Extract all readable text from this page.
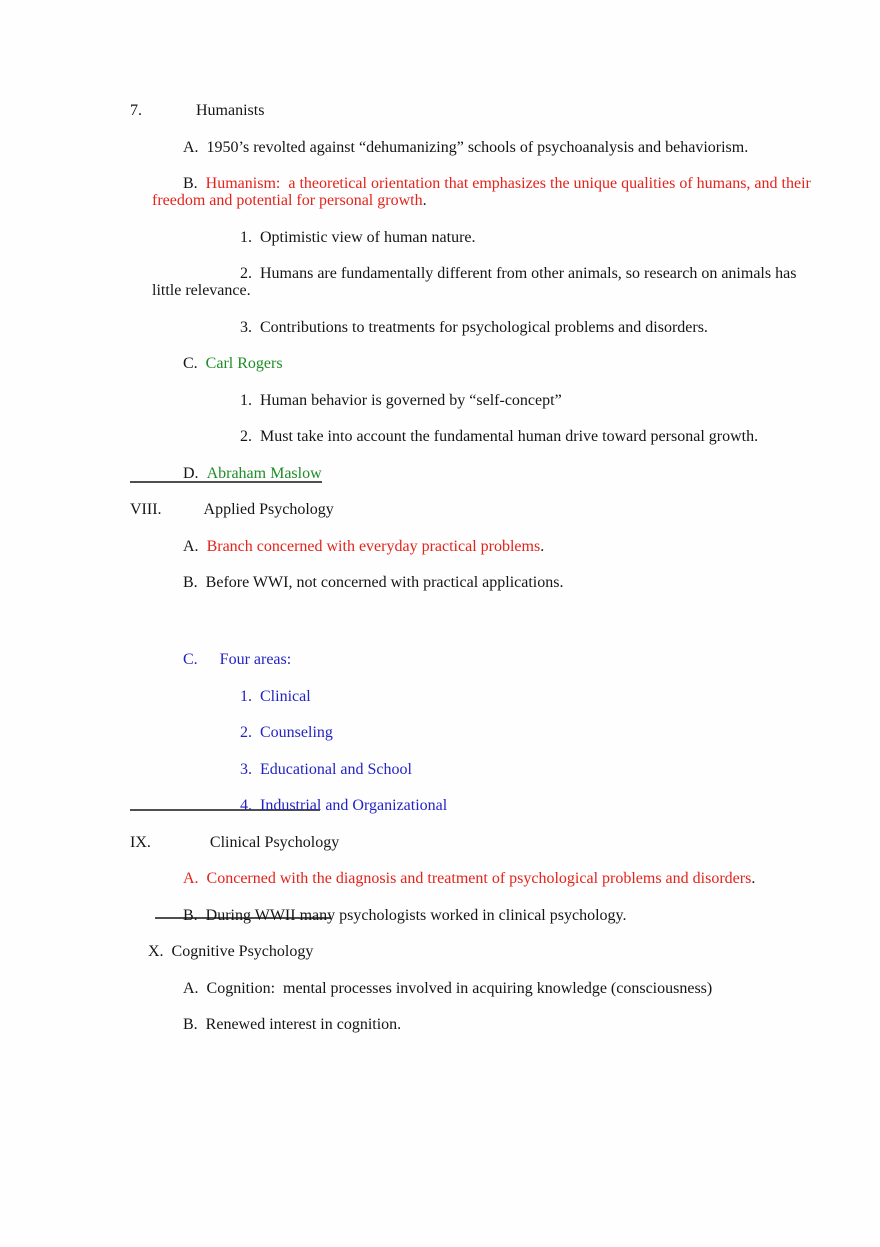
7.	Humanists

A.  1950’s revolted against “dehumanizing” schools of psychoanalysis and behaviorism.

B.  Humanism:  a theoretical orientation that emphasizes the unique qualities of humans, and their

freedom and potential for personal growth.

1.  Optimistic view of human nature.

2.  Humans are fundamentally different from other animals, so research on animals has

little relevance.

3.  Contributions to treatments for psychological problems and disorders.

C.  Carl Rogers

1.  Human behavior is governed by “self-concept”

2.  Must take into account the fundamental human drive toward personal growth.

D.  Abraham Maslow

VIII.	Applied Psychology

A.  Branch concerned with everyday practical problems.

B.  Before WWI, not concerned with practical applications.

C. Four areas:

1.  Clinical

2.  Counseling

3.  Educational and School

4.  Industrial and Organizational

IX.	Clinical Psychology

A.  Concerned with the diagnosis and treatment of psychological problems and disorders.

B.  During WWII many psychologists worked in clinical psychology.

X.  Cognitive Psychology

A.  Cognition:  mental processes involved in acquiring knowledge (consciousness)

B.  Renewed interest in cognition.
